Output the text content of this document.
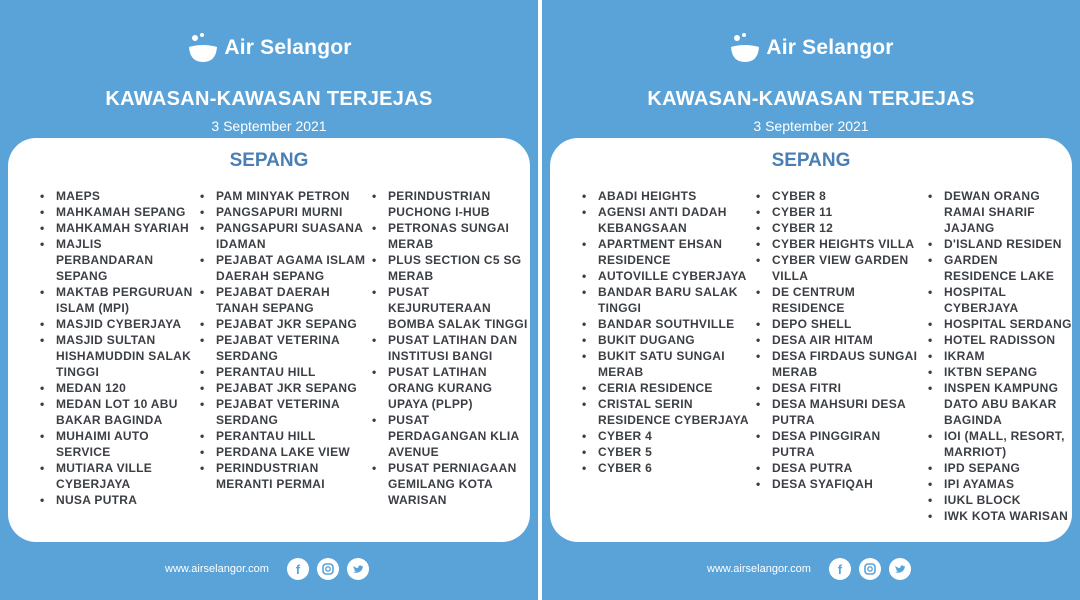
Air Selangor
KAWASAN-KAWASAN TERJEJAS
3 September 2021
SEPANG
• MAEPS
• MAHKAMAH SEPANG
• MAHKAMAH SYARIAH
• MAJLIS PERBANDARAN SEPANG
• MAKTAB PERGURUAN ISLAM (MPI)
• MASJID CYBERJAYA
• MASJID SULTAN HISHAMUDDIN SALAK TINGGI
• MEDAN 120
• MEDAN LOT 10 ABU BAKAR BAGINDA
• MUHAIMI AUTO SERVICE
• MUTIARA VILLE CYBERJAYA
• NUSA PUTRA
• PAM MINYAK PETRON
• PANGSAPURI MURNI
• PANGSAPURI SUASANA IDAMAN
• PEJABAT AGAMA ISLAM DAERAH SEPANG
• PEJABAT DAERAH TANAH SEPANG
• PEJABAT JKR SEPANG
• PEJABAT VETERINA SERDANG
• PERANTAU HILL
• PEJABAT JKR SEPANG
• PEJABAT VETERINA SERDANG
• PERANTAU HILL
• PERDANA LAKE VIEW
• PERINDUSTRIAN MERANTI PERMAI
• PERINDUSTRIAN PUCHONG I-HUB
• PETRONAS SUNGAI MERAB
• PLUS SECTION C5 SG MERAB
• PUSAT KEJURUTERAAN BOMBA SALAK TINGGI
• PUSAT LATIHAN DAN INSTITUSI BANGI
• PUSAT LATIHAN ORANG KURANG UPAYA (PLPP)
• PUSAT PERDAGANGAN KLIA AVENUE
• PUSAT PERNIAGAAN GEMILANG KOTA WARISAN
www.airselangor.com	f
Air Selangor
KAWASAN-KAWASAN TERJEJAS
3 September 2021
SEPANG
• ABADI HEIGHTS
• AGENSI ANTI DADAH KEBANGSAAN
• APARTMENT EHSAN RESIDENCE
• AUTOVILLE CYBERJAYA
• BANDAR BARU SALAK TINGGI
• BANDAR SOUTHVILLE
• BUKIT DUGANG
• BUKIT SATU SUNGAI MERAB
• CERIA RESIDENCE
• CRISTAL SERIN RESIDENCE CYBERJAYA
• CYBER 4
• CYBER 5
• CYBER 6
• CYBER 8
• CYBER 11
• CYBER 12
• CYBER HEIGHTS VILLA
• CYBER VIEW GARDEN VILLA
• DE CENTRUM RESIDENCE
• DEPO SHELL
• DESA AIR HITAM
• DESA FIRDAUS SUNGAI MERAB
• DESA FITRI
• DESA MAHSURI DESA PUTRA
• DESA PINGGIRAN PUTRA
• DESA PUTRA
• DESA SYAFIQAH
• DEWAN ORANG RAMAI SHARIF JAJANG
• D'ISLAND RESIDEN
• GARDEN RESIDENCE LAKE
• HOSPITAL CYBERJAYA
• HOSPITAL SERDANG
• HOTEL RADISSON
• IKRAM
• IKTBN SEPANG
• INSPEN KAMPUNG DATO ABU BAKAR BAGINDA
• IOI (MALL, RESORT, MARRIOT)
• IPD SEPANG
• IPI AYAMAS
• IUKL BLOCK
• IWK KOTA WARISAN
www.airselangor.com	f
